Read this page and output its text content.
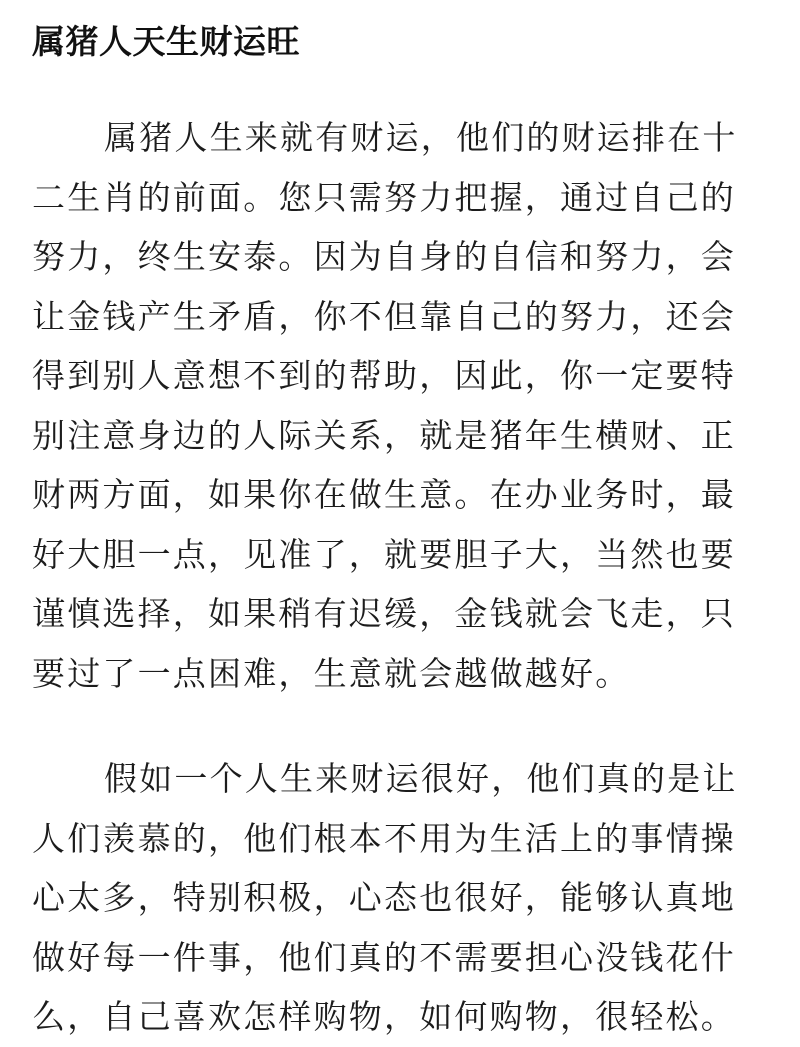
属猪人天生财运旺

属猪人生来就有财运，他们的财运排在十
二生肖的前面。您只需努力把握，通过自己的
努力，终生安泰。因为自身的自信和努力，会
让金钱产生矛盾，你不但靠自己的努力，还会
得到别人意想不到的帮助，因此，你一定要特
别注意身边的人际关系，就是猪年生横财、正
财两方面，如果你在做生意。在办业务时，最
好大胆一点，见准了，就要胆子大，当然也要
谨慎选择，如果稍有迟缓，金钱就会飞走，只
要过了一点困难，生意就会越做越好。

假如一个人生来财运很好，他们真的是让
人们羡慕的，他们根本不用为生活上的事情操
心太多，特别积极，心态也很好，能够认真地
做好每一件事，他们真的不需要担心没钱花什
么，自己喜欢怎样购物，如何购物，很轻松。
